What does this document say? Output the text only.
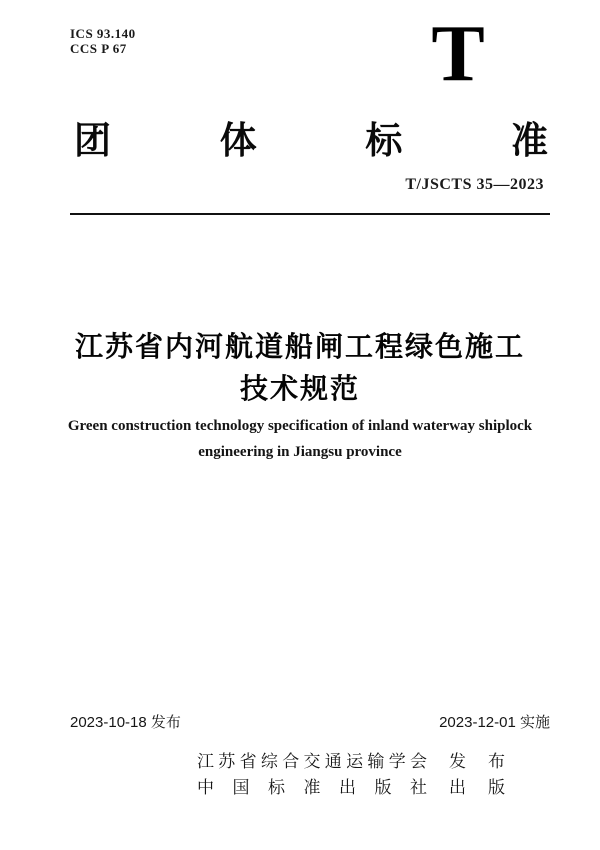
ICS 93.140
CCS P 67	T
团	体	标	准
T/JSCTS 35—2023
江苏省内河航道船闸工程绿色施工
技术规范
Green construction technology specification of inland waterway shiplock
engineering in Jiangsu province
2023-10-18 发布	2023-12-01 实施
江苏省综合交通运输学会 发 布
中国标准出版社 出 版
